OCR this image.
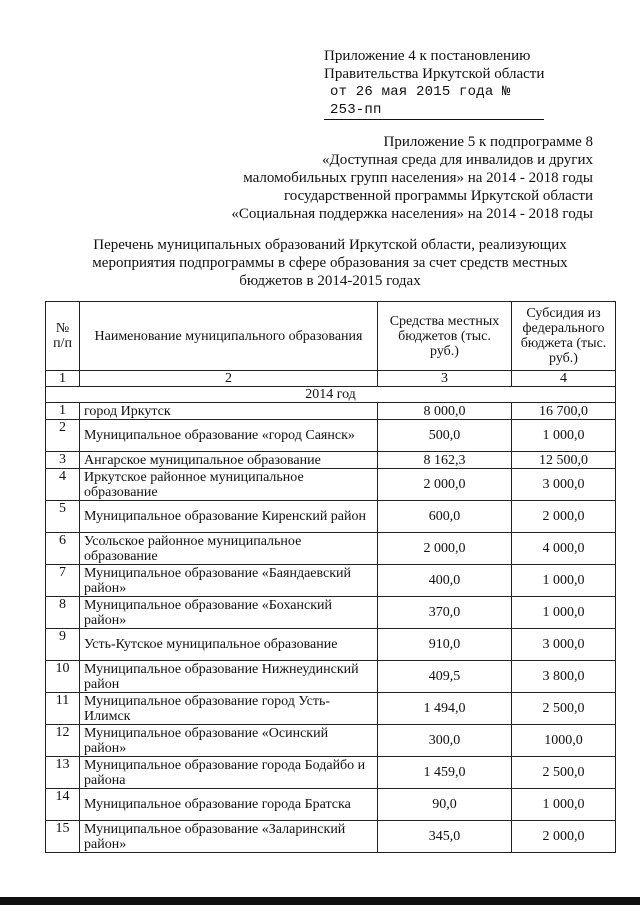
Приложение 4 к постановлению
Правительства Иркутской области
от 26 мая 2015 года № 253-пп
Приложение 5 к подпрограмме 8
«Доступная среда для инвалидов и других
маломобильных групп населения» на 2014 - 2018 годы
государственной программы Иркутской области
«Социальная поддержка населения» на 2014 - 2018 годы
Перечень муниципальных образований Иркутской области, реализующих
мероприятия подпрограммы в сфере образования за счет средств местных
бюджетов в 2014-2015 годах
№ п/п	Наименование муниципального образования	Средства местных бюджетов (тыс. руб.)	Субсидия из федерального бюджета (тыс. руб.)
1	2	3	4
2014 год			
1	город Иркутск	8 000,0	16 700,0
2	Муниципальное образование «город Саянск»	500,0	1 000,0
3	Ангарское муниципальное образование	8 162,3	12 500,0
4	Иркутское районное муниципальное образование	2 000,0	3 000,0
5	Муниципальное образование Киренский район	600,0	2 000,0
6	Усольское районное муниципальное образование	2 000,0	4 000,0
7	Муниципальное образование «Баяндаевский район»	400,0	1 000,0
8	Муниципальное образование «Боханский район»	370,0	1 000,0
9	Усть-Кутское муниципальное образование	910,0	3 000,0
10	Муниципальное образование Нижнеудинский район	409,5	3 800,0
11	Муниципальное образование город Усть-Илимск	1 494,0	2 500,0
12	Муниципальное образование «Осинский район»	300,0	1000,0
13	Муниципальное образование города Бодайбо и района	1 459,0	2 500,0
14	Муниципальное образование города Братска	90,0	1 000,0
15	Муниципальное образование «Заларинский район»	345,0	2 000,0
